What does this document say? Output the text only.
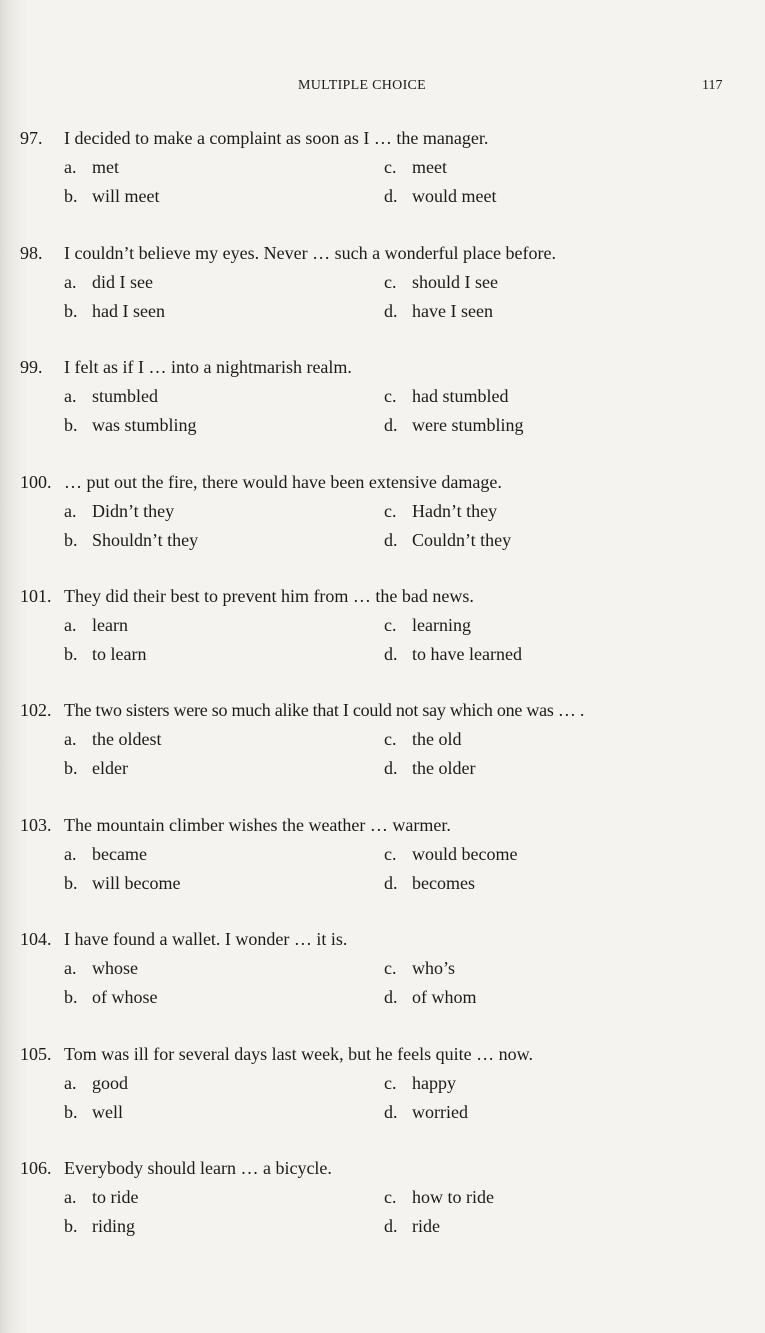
MULTIPLE CHOICE	117
97.	I decided to make a complaint as soon as I … the manager.
a. met
b. will meet
c. meet
d. would meet
98.	I couldn’t believe my eyes. Never … such a wonderful place before.
a. did I see
b. had I seen
c. should I see
d. have I seen
99.	I felt as if I … into a nightmarish realm.
a. stumbled
b. was stumbling
c. had stumbled
d. were stumbling
100. … put out the fire, there would have been extensive damage.
a. Didn’t they
b. Shouldn’t they
c. Hadn’t they
d. Couldn’t they
101. They did their best to prevent him from … the bad news.
a. learn
b. to learn
c. learning
d. to have learned
102. The two sisters were so much alike that I could not say which one was … .
a. the oldest
b. elder
c. the old
d. the older
103. The mountain climber wishes the weather … warmer.
a. became
b. will become
c. would become
d. becomes
104. I have found a wallet. I wonder … it is.
a. whose
b. of whose
c. who’s
d. of whom
105. Tom was ill for several days last week, but he feels quite … now.
a. good
b. well
c. happy
d. worried
106. Everybody should learn … a bicycle.
a. to ride
b. riding
c. how to ride
d. ride
